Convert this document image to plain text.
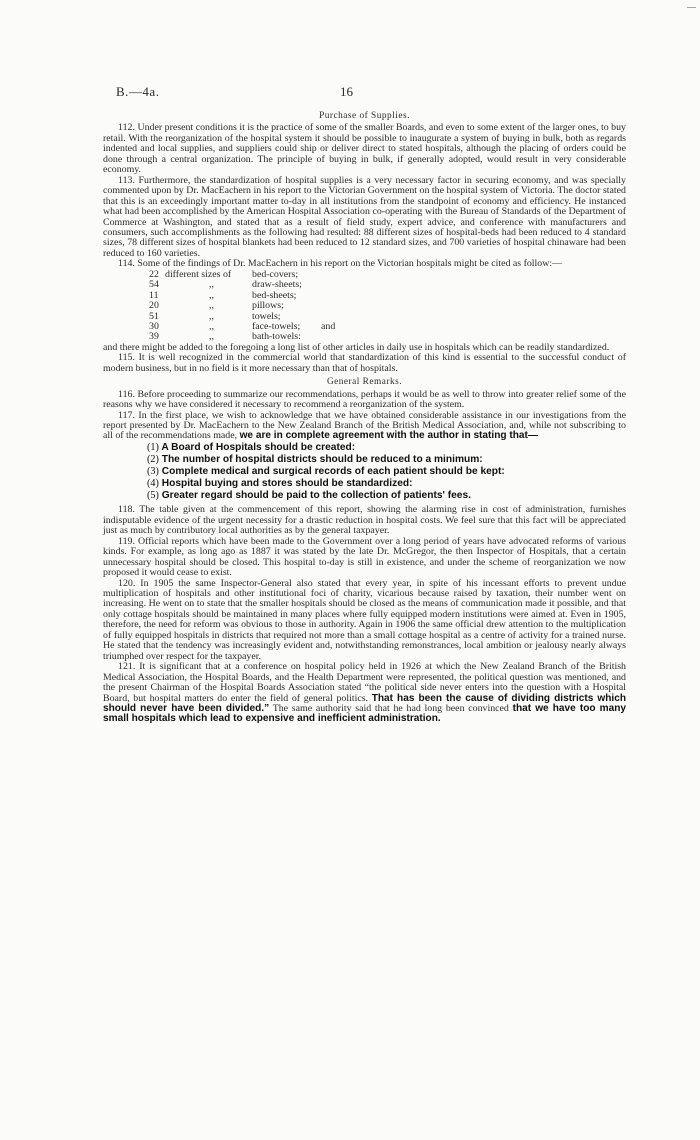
—
B.—4a.	16
Purchase of Supplies.

112. Under present conditions it is the practice of some of the smaller Boards, and even to some extent of the larger ones, to buy retail. With the reorganization of the hospital system it should be possible to inaugurate a system of buying in bulk, both as regards indented and local supplies, and suppliers could ship or deliver direct to stated hospitals, although the placing of orders could be done through a central organization. The principle of buying in bulk, if generally adopted, would result in very considerable economy.

113. Furthermore, the standardization of hospital supplies is a very necessary factor in securing economy, and was specially commented upon by Dr. MacEachern in his report to the Victorian Government on the hospital system of Victoria. The doctor stated that this is an exceedingly important matter to-day in all institutions from the standpoint of economy and efficiency. He instanced what had been accomplished by the American Hospital Association co-operating with the Bureau of Standards of the Department of Commerce at Washington, and stated that as a result of field study, expert advice, and conference with manufacturers and consumers, such accomplishments as the following had resulted: 88 different sizes of hospital-beds had been reduced to 4 standard sizes, 78 different sizes of hospital blankets had been reduced to 12 standard sizes, and 700 varieties of hospital chinaware had been reduced to 160 varieties.

114. Some of the findings of Dr. MacEachern in his report on the Victorian hospitals might be cited as follow:—

22 different sizes of bed-covers;
54	,,	draw-sheets;
11	,,	bed-sheets;
20	,,	pillows;
51	,,	towels;
30	,,	face-towels; and
39	,,	bath-towels:

and there might be added to the foregoing a long list of other articles in daily use in hospitals which can be readily standardized.

115. It is well recognized in the commercial world that standardization of this kind is essential to the successful conduct of modern business, but in no field is it more necessary than that of hospitals.

General Remarks.

116. Before proceeding to summarize our recommendations, perhaps it would be as well to throw into greater relief some of the reasons why we have considered it necessary to recommend a reorganization of the system.

117. In the first place, we wish to acknowledge that we have obtained considerable assistance in our investigations from the report presented by Dr. MacEachern to the New Zealand Branch of the British Medical Association, and, while not subscribing to all of the recommendations made, we are in complete agreement with the author in stating that—

(1) A Board of Hospitals should be created:
(2) The number of hospital districts should be reduced to a minimum:
(3) Complete medical and surgical records of each patient should be kept:
(4) Hospital buying and stores should be standardized:
(5) Greater regard should be paid to the collection of patients' fees.

118. The table given at the commencement of this report, showing the alarming rise in cost of administration, furnishes indisputable evidence of the urgent necessity for a drastic reduction in hospital costs. We feel sure that this fact will be appreciated just as much by contributory local authorities as by the general taxpayer.

119. Official reports which have been made to the Government over a long period of years have advocated reforms of various kinds. For example, as long ago as 1887 it was stated by the late Dr. McGregor, the then Inspector of Hospitals, that a certain unnecessary hospital should be closed. This hospital to-day is still in existence, and under the scheme of reorganization we now proposed it would cease to exist.

120. In 1905 the same Inspector-General also stated that every year, in spite of his incessant efforts to prevent undue multiplication of hospitals and other institutional foci of charity, vicarious because raised by taxation, their number went on increasing. He went on to state that the smaller hospitals should be closed as the means of communication made it possible, and that only cottage hospitals should be maintained in many places where fully equipped modern institutions were aimed at. Even in 1905, therefore, the need for reform was obvious to those in authority. Again in 1906 the same official drew attention to the multiplication of fully equipped hospitals in districts that required not more than a small cottage hospital as a centre of activity for a trained nurse. He stated that the tendency was increasingly evident and, notwithstanding remonstrances, local ambition or jealousy nearly always triumphed over respect for the taxpayer.

121. It is significant that at a conference on hospital policy held in 1926 at which the New Zealand Branch of the British Medical Association, the Hospital Boards, and the Health Department were represented, the political question was mentioned, and the present Chairman of the Hospital Boards Association stated “the political side never enters into the question with a Hospital Board, but hospital matters do enter the field of general politics. That has been the cause of dividing districts which should never have been divided.” The same authority said that he had long been convinced that we have too many small hospitals which lead to expensive and inefficient administration.
